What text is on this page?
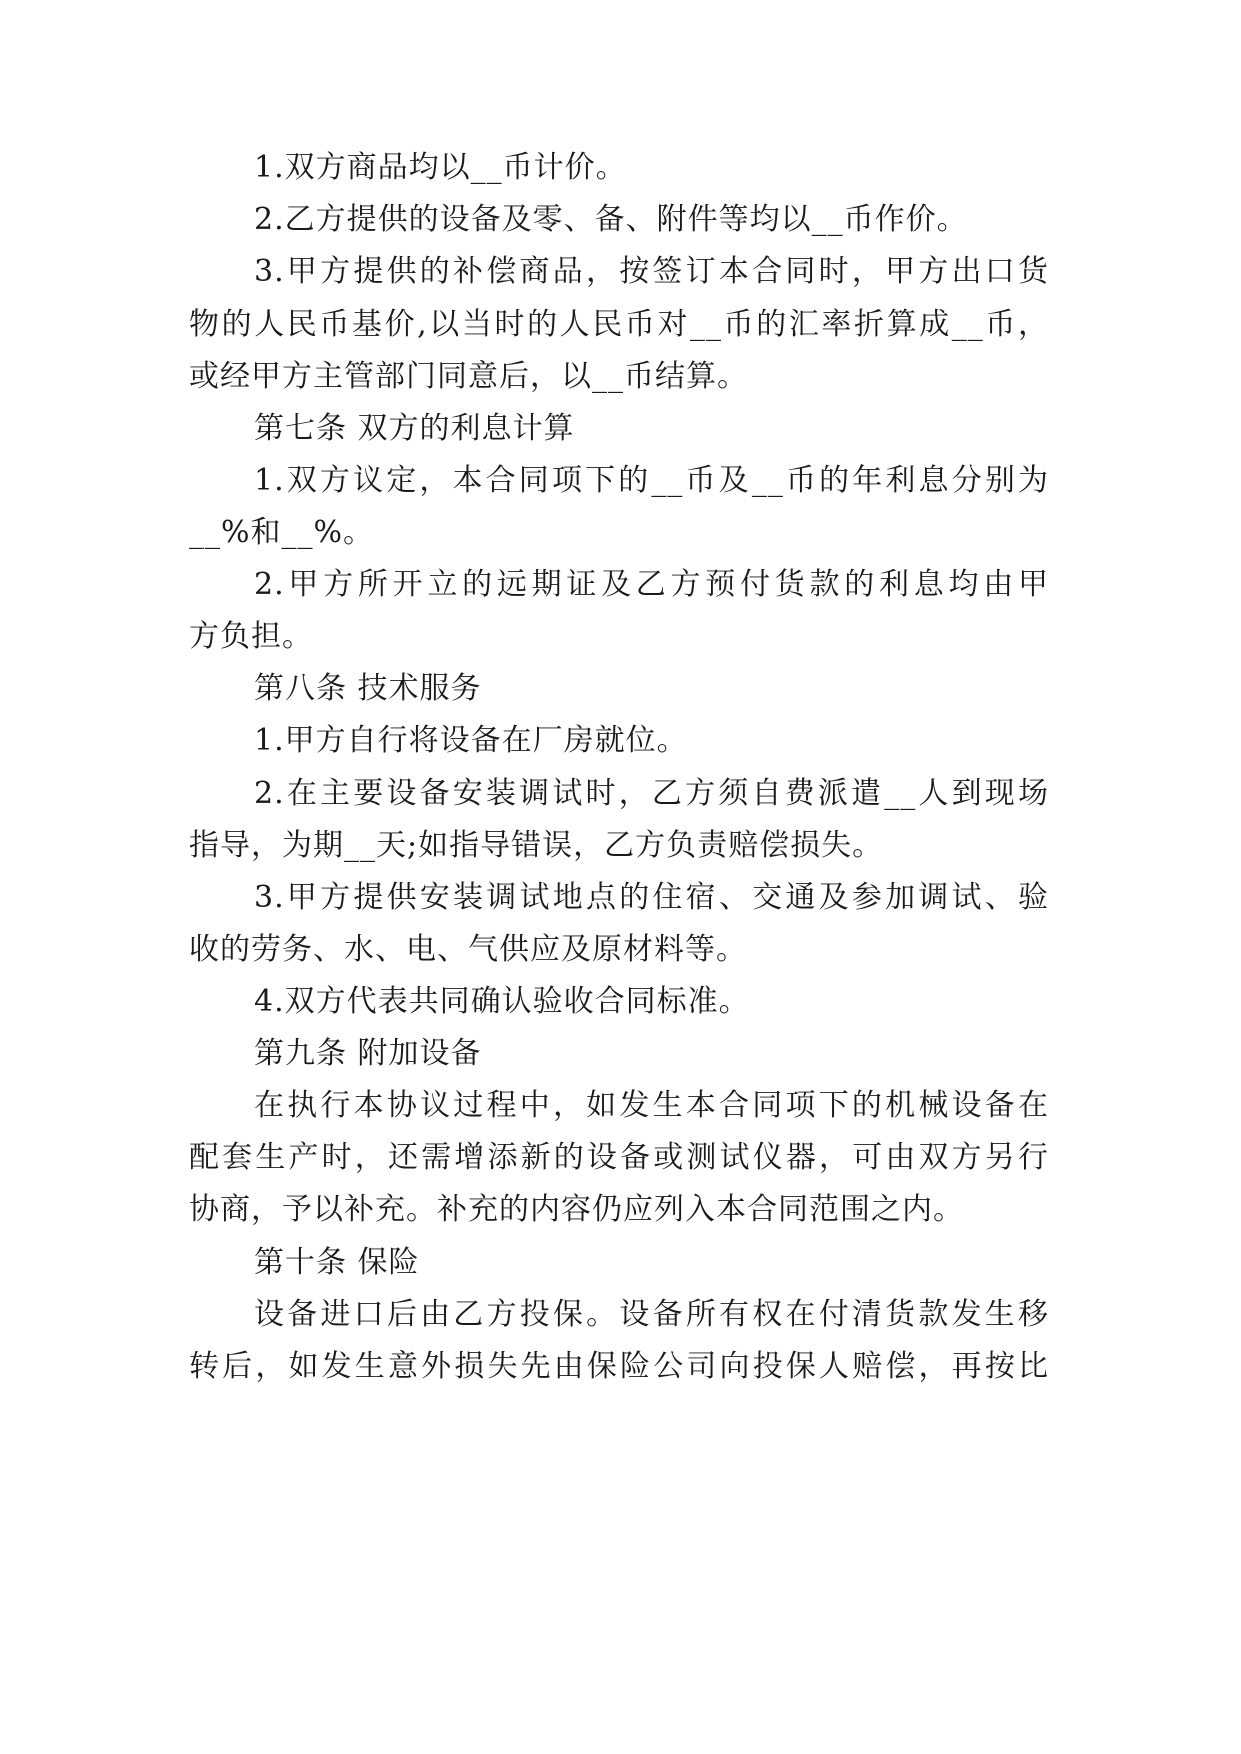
1.双方商品均以__币计价。
2.乙方提供的设备及零、备、附件等均以__币作价。
3.甲方提供的补偿商品，按签订本合同时，甲方出口货
物的人民币基价,以当时的人民币对__币的汇率折算成__币，
或经甲方主管部门同意后，以__币结算。
第七条 双方的利息计算
1.双方议定，本合同项下的__币及__币的年利息分别为
__%和__%。
2.甲方所开立的远期证及乙方预付货款的利息均由甲
方负担。
第八条 技术服务
1.甲方自行将设备在厂房就位。
2.在主要设备安装调试时，乙方须自费派遣__人到现场
指导，为期__天;如指导错误，乙方负责赔偿损失。
3.甲方提供安装调试地点的住宿、交通及参加调试、验
收的劳务、水、电、气供应及原材料等。
4.双方代表共同确认验收合同标准。
第九条 附加设备
在执行本协议过程中，如发生本合同项下的机械设备在
配套生产时，还需增添新的设备或测试仪器，可由双方另行
协商，予以补充。补充的内容仍应列入本合同范围之内。
第十条 保险
设备进口后由乙方投保。设备所有权在付清货款发生移
转后，如发生意外损失先由保险公司向投保人赔偿，再按比
